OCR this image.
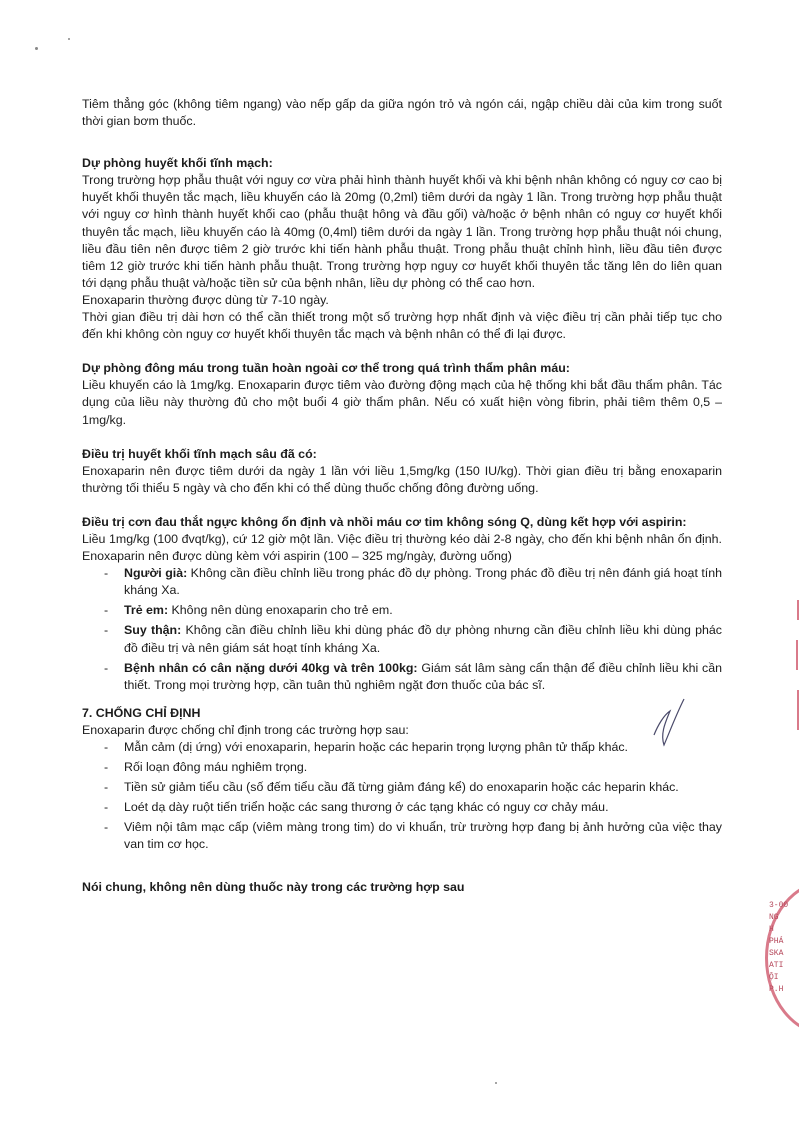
Tiêm thẳng góc (không tiêm ngang) vào nếp gấp da giữa ngón trỏ và ngón cái, ngập chiều dài của kim trong suốt thời gian bơm thuốc.

Dự phòng huyết khối tĩnh mạch:

Trong trường hợp phẫu thuật với nguy cơ vừa phải hình thành huyết khối và khi bệnh nhân không có nguy cơ cao bị huyết khối thuyên tắc mạch, liều khuyến cáo là 20mg (0,2ml) tiêm dưới da ngày 1 lần. Trong trường hợp phẫu thuật với nguy cơ hình thành huyết khối cao (phẫu thuật hông và đầu gối) và/hoặc ở bệnh nhân có nguy cơ huyết khối thuyên tắc mạch, liều khuyến cáo là 40mg (0,4ml) tiêm dưới da ngày 1 lần. Trong trường hợp phẫu thuật nói chung, liều đầu tiên nên được tiêm 2 giờ trước khi tiến hành phẫu thuật. Trong phẫu thuật chỉnh hình, liều đầu tiên được tiêm 12 giờ trước khi tiến hành phẫu thuật. Trong trường hợp nguy cơ huyết khối thuyên tắc tăng lên do liên quan tới dạng phẫu thuật và/hoặc tiền sử của bệnh nhân, liều dự phòng có thể cao hơn.

Enoxaparin thường được dùng từ 7-10 ngày.

Thời gian điều trị dài hơn có thể cần thiết trong một số trường hợp nhất định và việc điều trị cần phải tiếp tục cho đến khi không còn nguy cơ huyết khối thuyên tắc mạch và bệnh nhân có thể đi lại được.

Dự phòng đông máu trong tuần hoàn ngoài cơ thể trong quá trình thẩm phân máu:

Liều khuyến cáo là 1mg/kg. Enoxaparin được tiêm vào đường động mạch của hệ thống khi bắt đầu thẩm phân. Tác dụng của liều này thường đủ cho một buổi 4 giờ thẩm phân. Nếu có xuất hiện vòng fibrin, phải tiêm thêm 0,5 – 1mg/kg.

Điều trị huyết khối tĩnh mạch sâu đã có:

Enoxaparin nên được tiêm dưới da ngày 1 lần với liều 1,5mg/kg (150 IU/kg). Thời gian điều trị bằng enoxaparin thường tối thiểu 5 ngày và cho đến khi có thể dùng thuốc chống đông đường uống.

Điều trị cơn đau thắt ngực không ổn định và nhồi máu cơ tim không sóng Q, dùng kết hợp với aspirin:

Liều 1mg/kg (100 đvqt/kg), cứ 12 giờ một lần. Việc điều trị thường kéo dài 2-8 ngày, cho đến khi bệnh nhân ổn định. Enoxaparin nên được dùng kèm với aspirin (100 – 325 mg/ngày, đường uống)

- Người già: Không cần điều chỉnh liều trong phác đồ dự phòng. Trong phác đồ điều trị nên đánh giá hoạt tính kháng Xa.
- Trẻ em: Không nên dùng enoxaparin cho trẻ em.
- Suy thận: Không cần điều chỉnh liều khi dùng phác đồ dự phòng nhưng cần điều chỉnh liều khi dùng phác đồ điều trị và nên giám sát hoạt tính kháng Xa.
- Bệnh nhân có cân nặng dưới 40kg và trên 100kg: Giám sát lâm sàng cẩn thận để điều chỉnh liều khi cần thiết. Trong mọi trường hợp, cần tuân thủ nghiêm ngặt đơn thuốc của bác sĩ.

7. CHỐNG CHỈ ĐỊNH

Enoxaparin được chống chỉ định trong các trường hợp sau:

- Mẫn cảm (dị ứng) với enoxaparin, heparin hoặc các heparin trọng lượng phân tử thấp khác.
- Rối loạn đông máu nghiêm trọng.
- Tiền sử giảm tiểu cầu (số đếm tiểu cầu đã từng giảm đáng kể) do enoxaparin hoặc các heparin khác.
- Loét dạ dày ruột tiến triển hoặc các sang thương ở các tạng khác có nguy cơ chảy máu.
- Viêm nội tâm mạc cấp (viêm màng trong tim) do vi khuẩn, trừ trường hợp đang bị ảnh hưởng của việc thay van tim cơ học.

Nói chung, không nên dùng thuốc này trong các trường hợp sau

3-00
NG
H
PHÁ
SKA
ATI
ỘI
P.H
